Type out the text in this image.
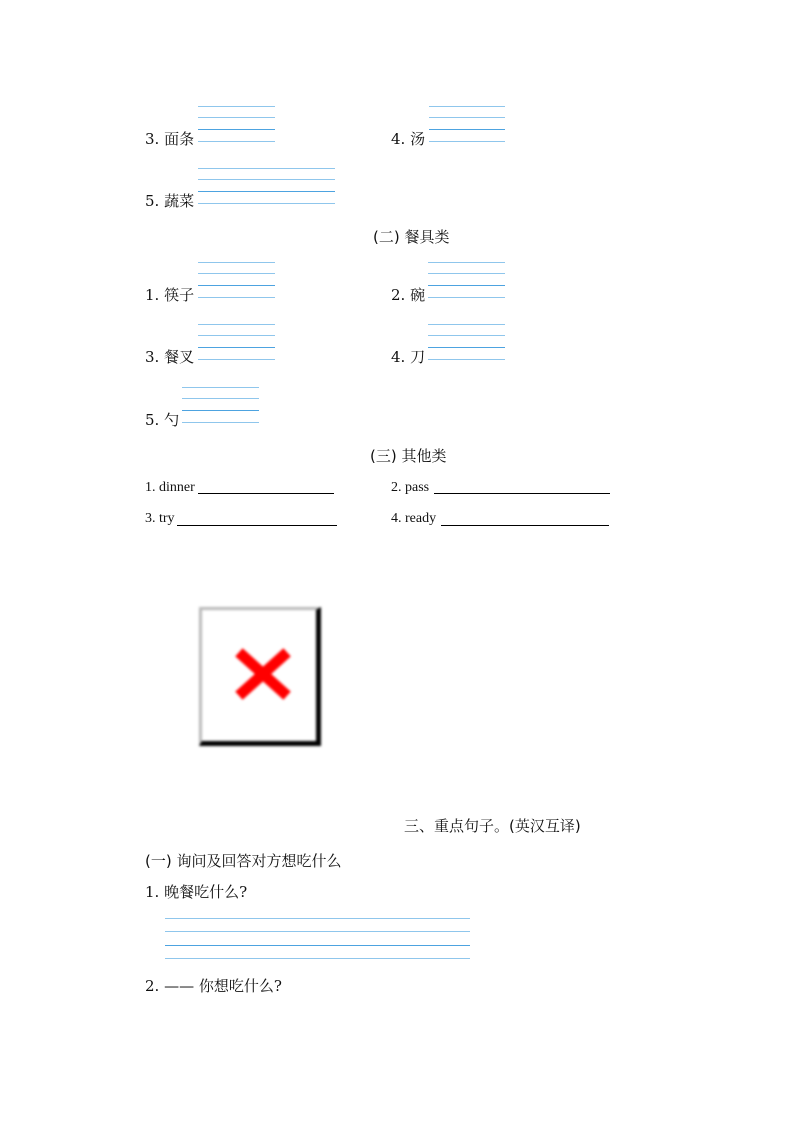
3. 面条	4. 汤
5. 蔬菜
(二) 餐具类
1. 筷子	2. 碗
3. 餐叉	4. 刀
5. 勺
(三) 其他类
1. dinner	2. pass
3. try	4. ready
三、重点句子。(英汉互译)
(一) 询问及回答对方想吃什么
1. 晚餐吃什么?
2. —— 你想吃什么?
